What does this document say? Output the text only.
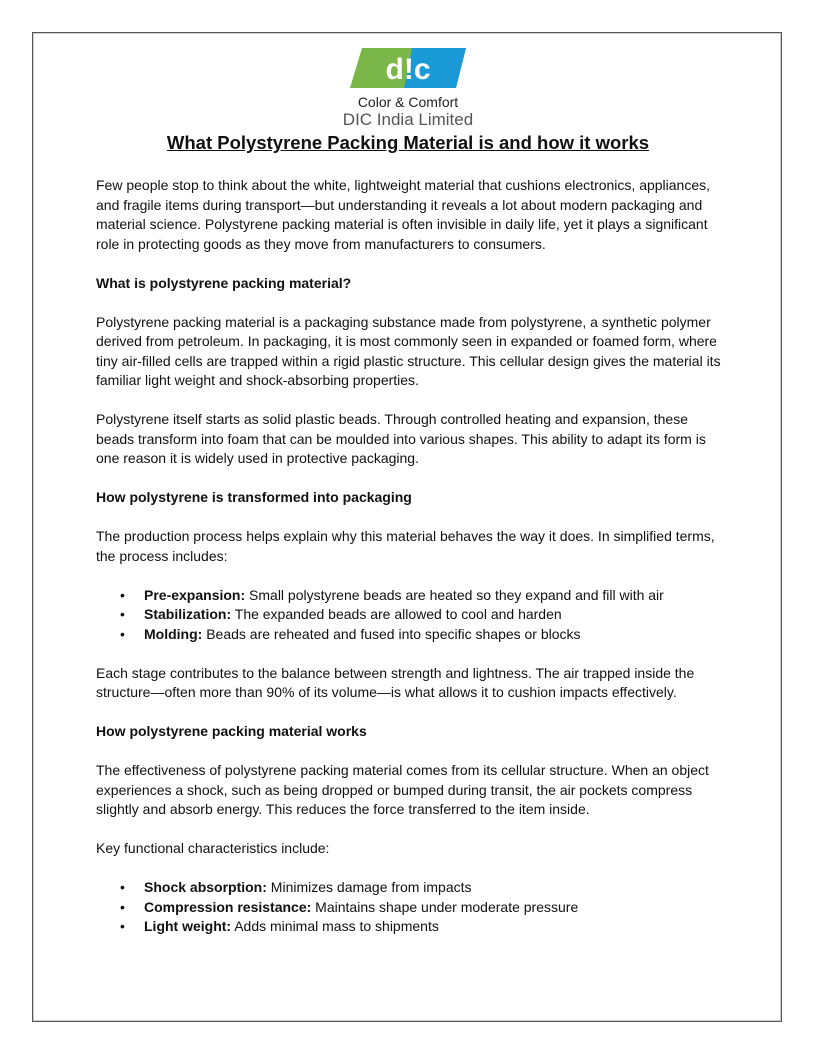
d!c
Color & Comfort
DIC India Limited
What Polystyrene Packing Material is and how it works

Few people stop to think about the white, lightweight material that cushions electronics, appliances, and fragile items during transport—but understanding it reveals a lot about modern packaging and material science. Polystyrene packing material is often invisible in daily life, yet it plays a significant role in protecting goods as they move from manufacturers to consumers.

What is polystyrene packing material?

Polystyrene packing material is a packaging substance made from polystyrene, a synthetic polymer derived from petroleum. In packaging, it is most commonly seen in expanded or foamed form, where tiny air-filled cells are trapped within a rigid plastic structure. This cellular design gives the material its familiar light weight and shock-absorbing properties.

Polystyrene itself starts as solid plastic beads. Through controlled heating and expansion, these beads transform into foam that can be moulded into various shapes. This ability to adapt its form is one reason it is widely used in protective packaging.

How polystyrene is transformed into packaging

The production process helps explain why this material behaves the way it does. In simplified terms, the process includes:

• Pre-expansion: Small polystyrene beads are heated so they expand and fill with air
• Stabilization: The expanded beads are allowed to cool and harden
• Molding: Beads are reheated and fused into specific shapes or blocks

Each stage contributes to the balance between strength and lightness. The air trapped inside the structure—often more than 90% of its volume—is what allows it to cushion impacts effectively.

How polystyrene packing material works

The effectiveness of polystyrene packing material comes from its cellular structure. When an object experiences a shock, such as being dropped or bumped during transit, the air pockets compress slightly and absorb energy. This reduces the force transferred to the item inside.

Key functional characteristics include:

• Shock absorption: Minimizes damage from impacts
• Compression resistance: Maintains shape under moderate pressure
• Light weight: Adds minimal mass to shipments
